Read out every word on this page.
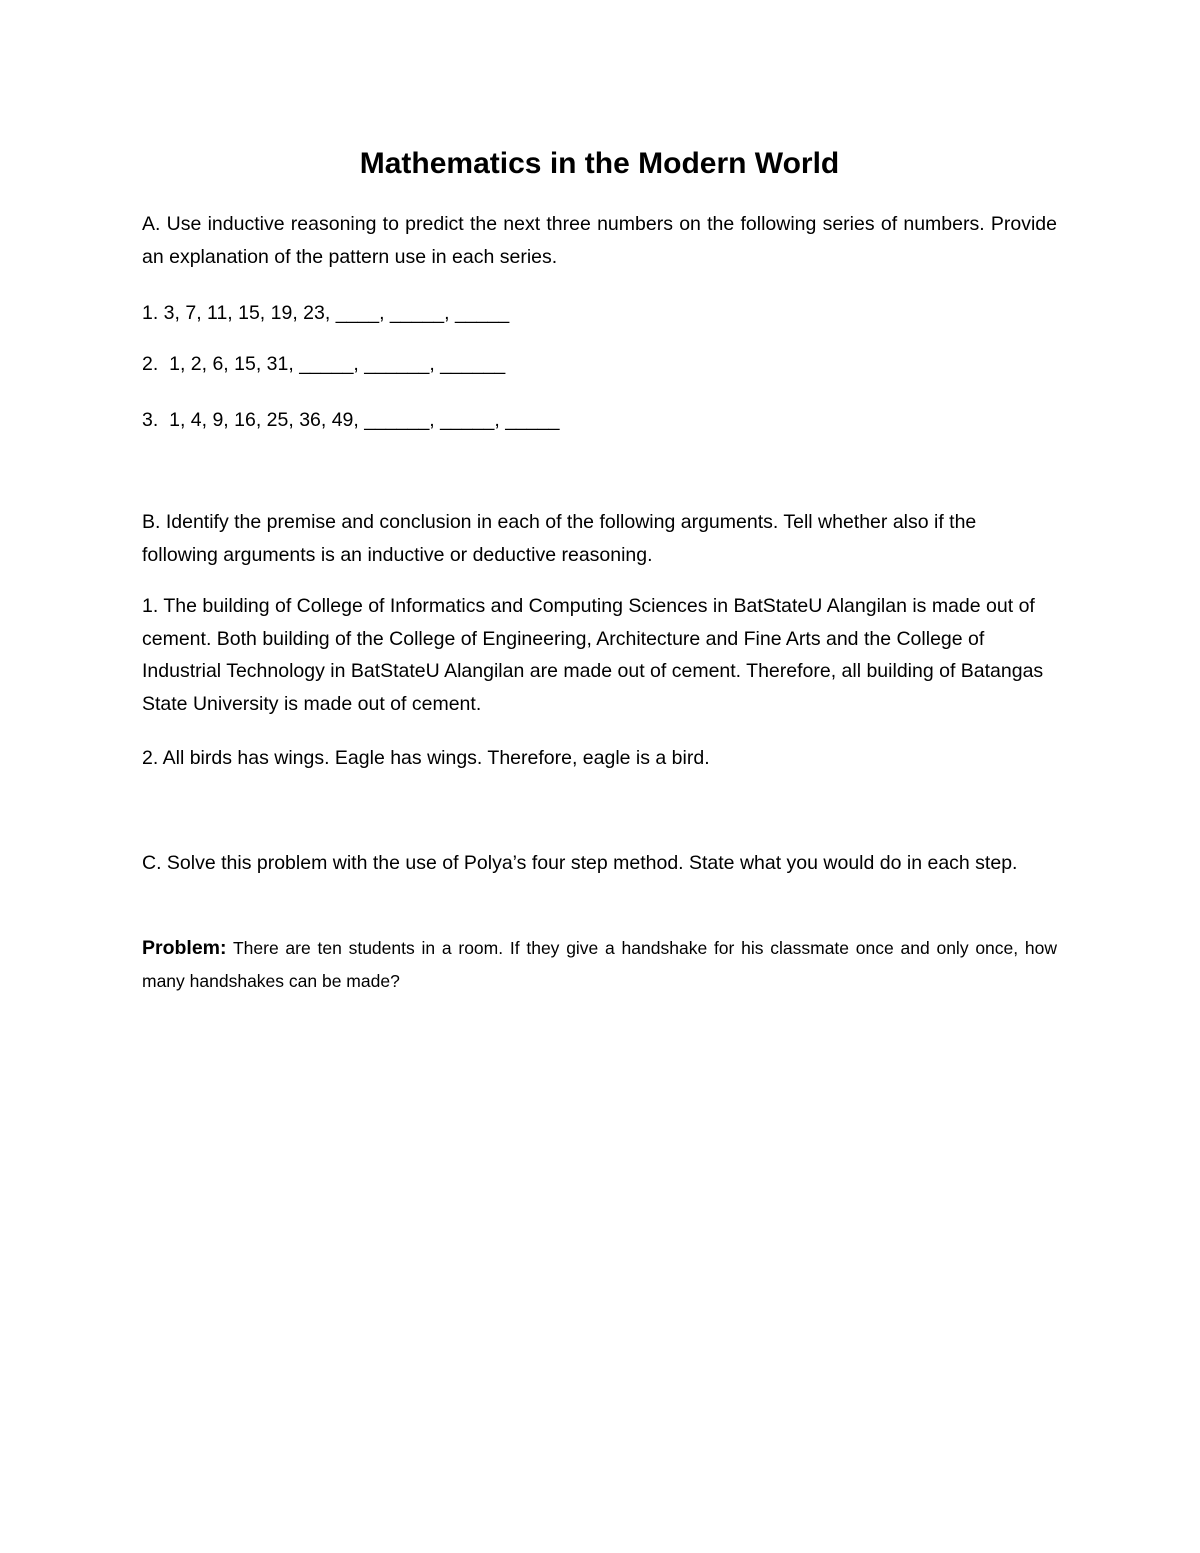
Mathematics in the Modern World

A. Use inductive reasoning to predict the next three numbers on the following series of numbers. Provide an explanation of the pattern use in each series.

1. 3, 7, 11, 15, 19, 23, ____, _____, _____

2.  1, 2, 6, 15, 31, _____, ______, ______

3.  1, 4, 9, 16, 25, 36, 49, ______, _____, _____

B. Identify the premise and conclusion in each of the following arguments. Tell whether also if the following arguments is an inductive or deductive reasoning.

1. The building of College of Informatics and Computing Sciences in BatStateU Alangilan is made out of cement. Both building of the College of Engineering, Architecture and Fine Arts and the College of Industrial Technology in BatStateU Alangilan are made out of cement. Therefore, all building of Batangas State University is made out of cement.

2. All birds has wings. Eagle has wings. Therefore, eagle is a bird.

C. Solve this problem with the use of Polya’s four step method. State what you would do in each step.

Problem: There are ten students in a room. If they give a handshake for his classmate once and only once, how many handshakes can be made?
